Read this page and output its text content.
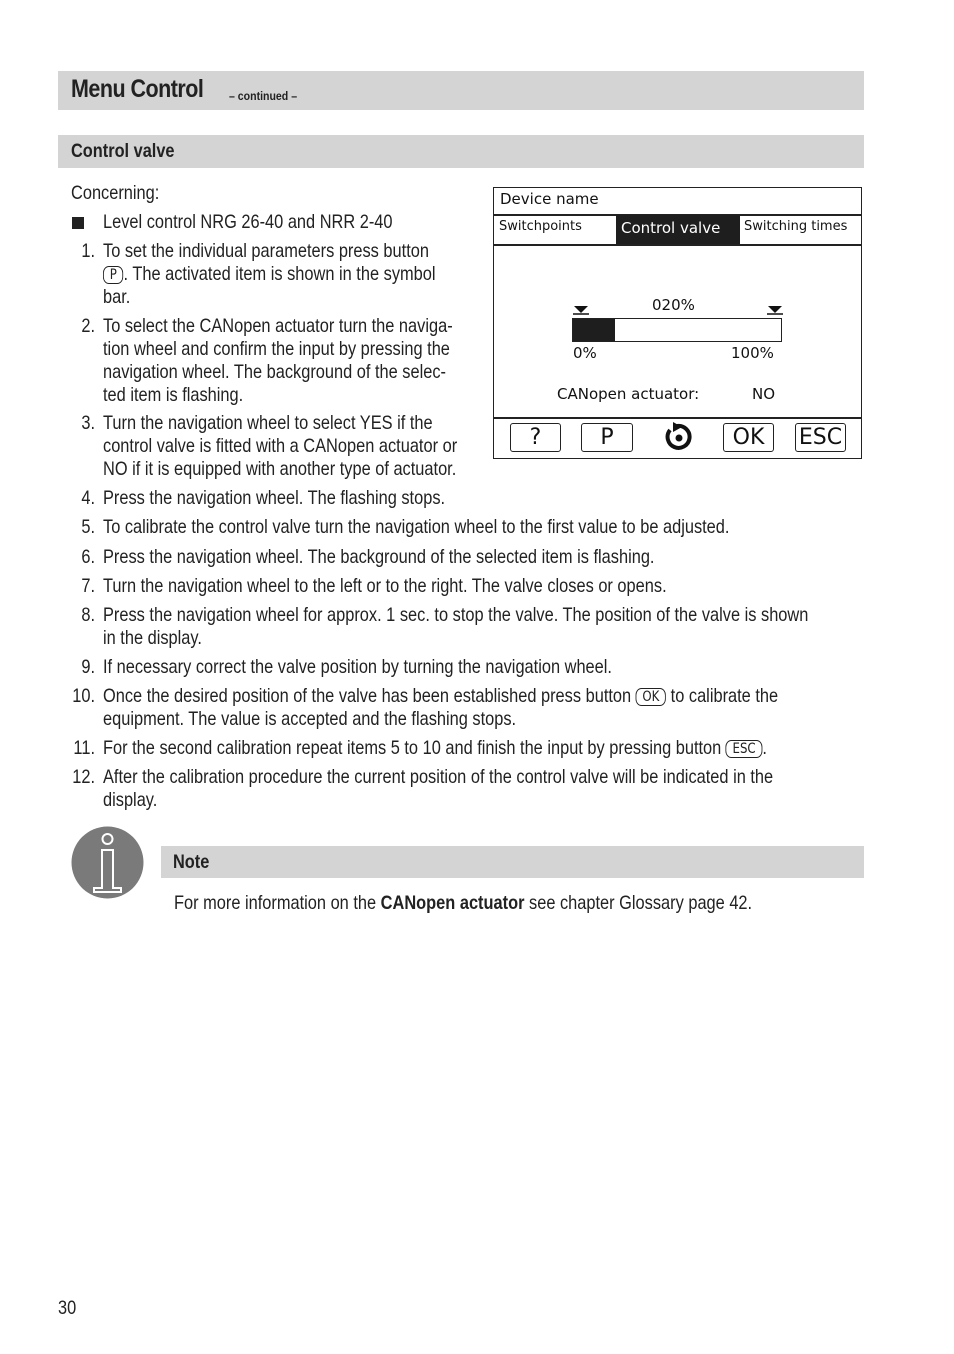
Menu Control – continued –
Control valve
Concerning:
Level control NRG 26-40 and NRR 2-40
1. To set the individual parameters press button
P . The activated item is shown in the symbol
bar.
2. To select the CANopen actuator turn the naviga-
tion wheel and confirm the input by pressing the
navigation wheel. The background of the selec-
ted item is flashing.
3. Turn the navigation wheel to select YES if the
control valve is fitted with a CANopen actuator or
NO if it is equipped with another type of actuator.
4. Press the navigation wheel. The flashing stops.
5. To calibrate the control valve turn the navigation wheel to the first value to be adjusted.
6. Press the navigation wheel. The background of the selected item is flashing.
7. Turn the navigation wheel to the left or to the right. The valve closes or opens.
8. Press the navigation wheel for approx. 1 sec. to stop the valve. The position of the valve is shown
in the display.
9. If necessary correct the valve position by turning the navigation wheel.
10. Once the desired position of the valve has been established press button OK to calibrate the
equipment. The value is accepted and the flashing stops.
11. For the second calibration repeat items 5 to 10 and finish the input by pressing button ESC .
12. After the calibration procedure the current position of the control valve will be indicated in the
display.
Device name
Switchpoints	Control valve Switching times
020%
0%	100%
CANopen actuator:	NO
?	P	OK	ESC
Note
For more information on the CANopen actuator see chapter Glossary page 42.
30
